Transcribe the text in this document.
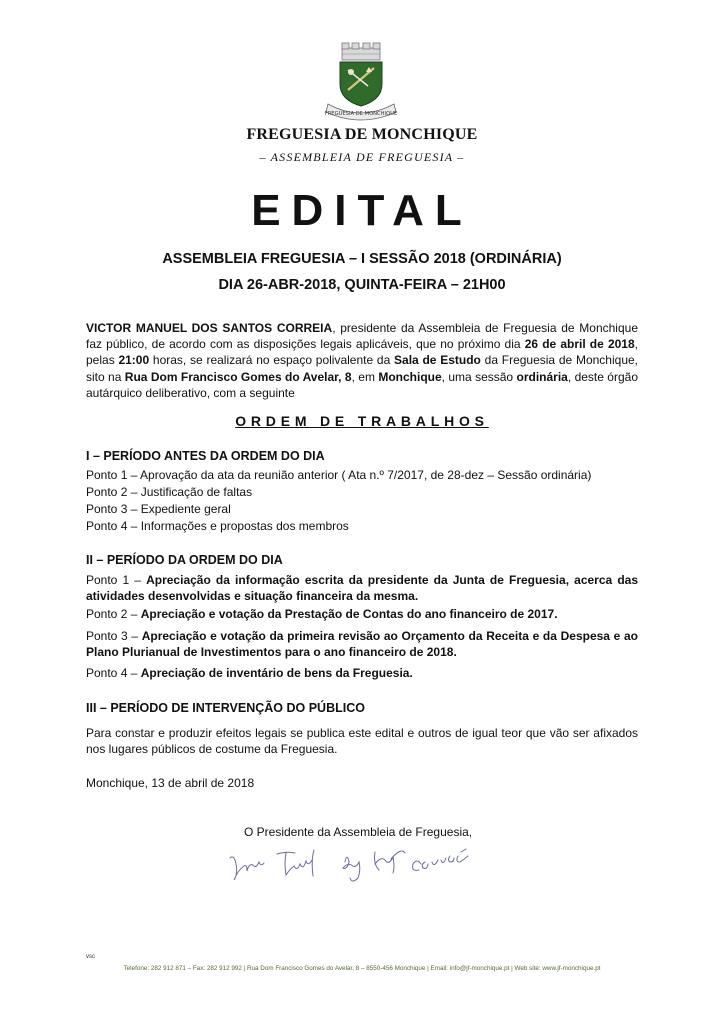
FREGUESIA DE MONCHIQUE
FREGUESIA DE MONCHIQUE
– ASSEMBLEIA DE FREGUESIA –
EDITAL
ASSEMBLEIA FREGUESIA – I SESSÃO 2018 (ORDINÁRIA)
DIA 26-ABR-2018, QUINTA-FEIRA – 21H00
VICTOR MANUEL DOS SANTOS CORREIA, presidente da Assembleia de Freguesia de Monchique faz público, de acordo com as disposições legais aplicáveis, que no próximo dia 26 de abril de 2018, pelas 21:00 horas, se realizará no espaço polivalente da Sala de Estudo da Freguesia de Monchique, sito na Rua Dom Francisco Gomes do Avelar, 8, em Monchique, uma sessão ordinária, deste órgão autárquico deliberativo, com a seguinte
ORDEM DE TRABALHOS
I – PERÍODO ANTES DA ORDEM DO DIA
Ponto 1 – Aprovação da ata da reunião anterior ( Ata n.º 7/2017, de 28-dez – Sessão ordinária)
Ponto 2 – Justificação de faltas
Ponto 3 – Expediente geral
Ponto 4 – Informações e propostas dos membros
II – PERÍODO DA ORDEM DO DIA
Ponto 1 – Apreciação da informação escrita da presidente da Junta de Freguesia, acerca das atividades desenvolvidas e situação financeira da mesma.
Ponto 2 – Apreciação e votação da Prestação de Contas do ano financeiro de 2017.
Ponto 3 – Apreciação e votação da primeira revisão ao Orçamento da Receita e da Despesa e ao Plano Plurianual de Investimentos para o ano financeiro de 2018.
Ponto 4 – Apreciação de inventário de bens da Freguesia.
III – PERÍODO DE INTERVENÇÃO DO PÚBLICO
Para constar e produzir efeitos legais se publica este edital e outros de igual teor que vão ser afixados nos lugares públicos de costume da Freguesia.
Monchique, 13 de abril de 2018
O Presidente da Assembleia de Freguesia,
vsc
Telefone: 282 912 871 – Fax: 282 912 992 | Rua Dom Francisco Gomes do Avelar, 8 – 8550-456 Monchique | Email: info@jf-monchique.pt | Web site: www.jf-monchique.pt
